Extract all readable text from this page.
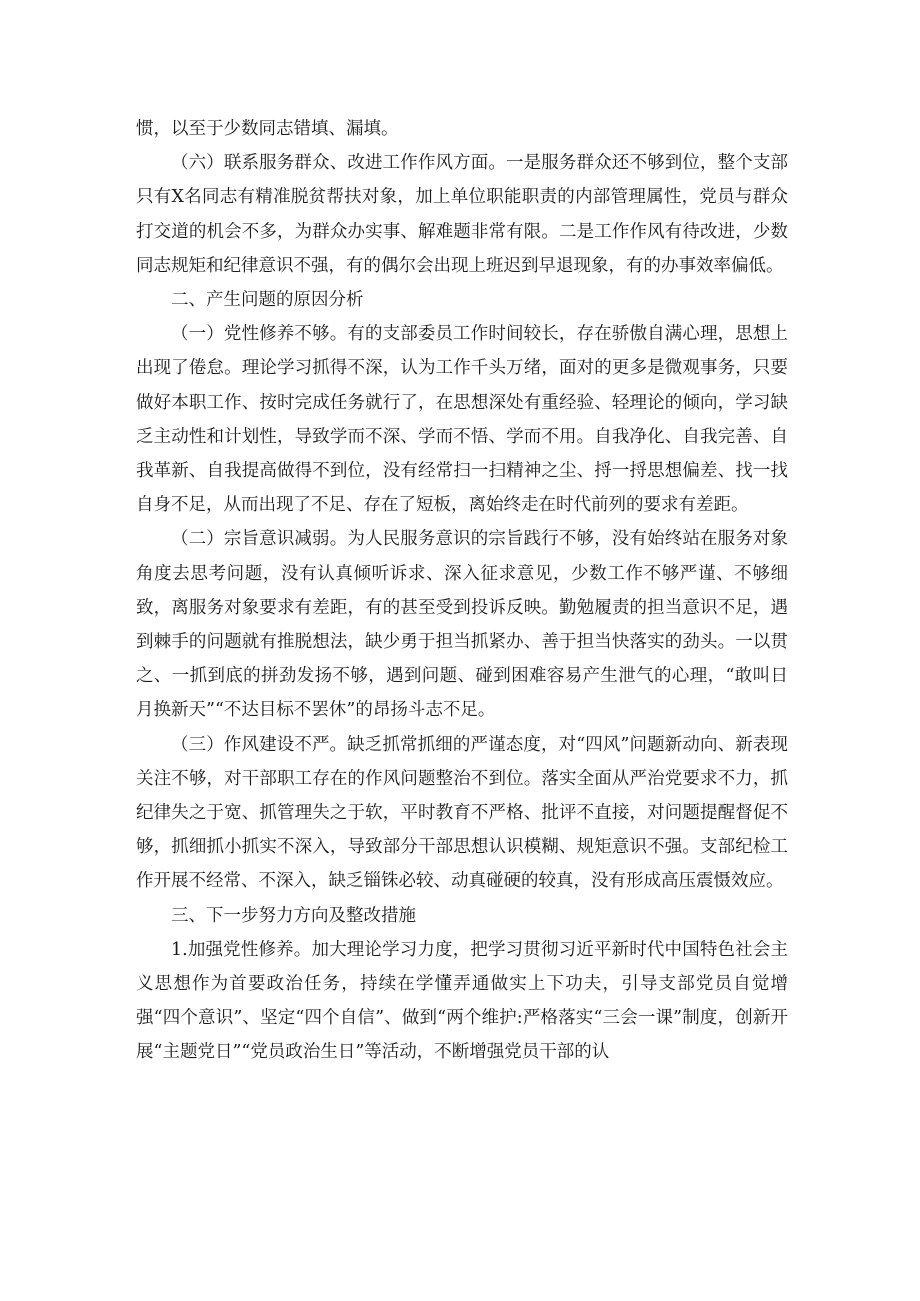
惯，以至于少数同志错填、漏填。

（六）联系服务群众、改进工作作风方面。一是服务群众还不够到位，整个支部只有X名同志有精准脱贫帮扶对象，加上单位职能职责的内部管理属性，党员与群众打交道的机会不多，为群众办实事、解难题非常有限。二是工作作风有待改进，少数同志规矩和纪律意识不强，有的偶尔会出现上班迟到早退现象，有的办事效率偏低。

二、产生问题的原因分析

（一）党性修养不够。有的支部委员工作时间较长，存在骄傲自满心理，思想上出现了倦怠。理论学习抓得不深，认为工作千头万绪，面对的更多是微观事务，只要做好本职工作、按时完成任务就行了，在思想深处有重经验、轻理论的倾向，学习缺乏主动性和计划性，导致学而不深、学而不悟、学而不用。自我净化、自我完善、自我革新、自我提高做得不到位，没有经常扫一扫精神之尘、捋一捋思想偏差、找一找自身不足，从而出现了不足、存在了短板，离始终走在时代前列的要求有差距。

（二）宗旨意识减弱。为人民服务意识的宗旨践行不够，没有始终站在服务对象角度去思考问题，没有认真倾听诉求、深入征求意见，少数工作不够严谨、不够细致，离服务对象要求有差距，有的甚至受到投诉反映。勤勉履责的担当意识不足，遇到棘手的问题就有推脱想法，缺少勇于担当抓紧办、善于担当快落实的劲头。一以贯之、一抓到底的拼劲发扬不够，遇到问题、碰到困难容易产生泄气的心理，“敢叫日月换新天”“不达目标不罢休”的昂扬斗志不足。

（三）作风建设不严。缺乏抓常抓细的严谨态度，对“四风”问题新动向、新表现关注不够，对干部职工存在的作风问题整治不到位。落实全面从严治党要求不力，抓纪律失之于宽、抓管理失之于软，平时教育不严格、批评不直接，对问题提醒督促不够，抓细抓小抓实不深入，导致部分干部思想认识模糊、规矩意识不强。支部纪检工作开展不经常、不深入，缺乏锱铢必较、动真碰硬的较真，没有形成高压震慑效应。

三、下一步努力方向及整改措施

1.加强党性修养。加大理论学习力度，把学习贯彻习近平新时代中国特色社会主义思想作为首要政治任务，持续在学懂弄通做实上下功夫，引导支部党员自觉增强“四个意识”、坚定“四个自信”、做到“两个维护:严格落实“三会一课”制度，创新开展“主题党日”“党员政治生日”等活动，不断增强党员干部的认
